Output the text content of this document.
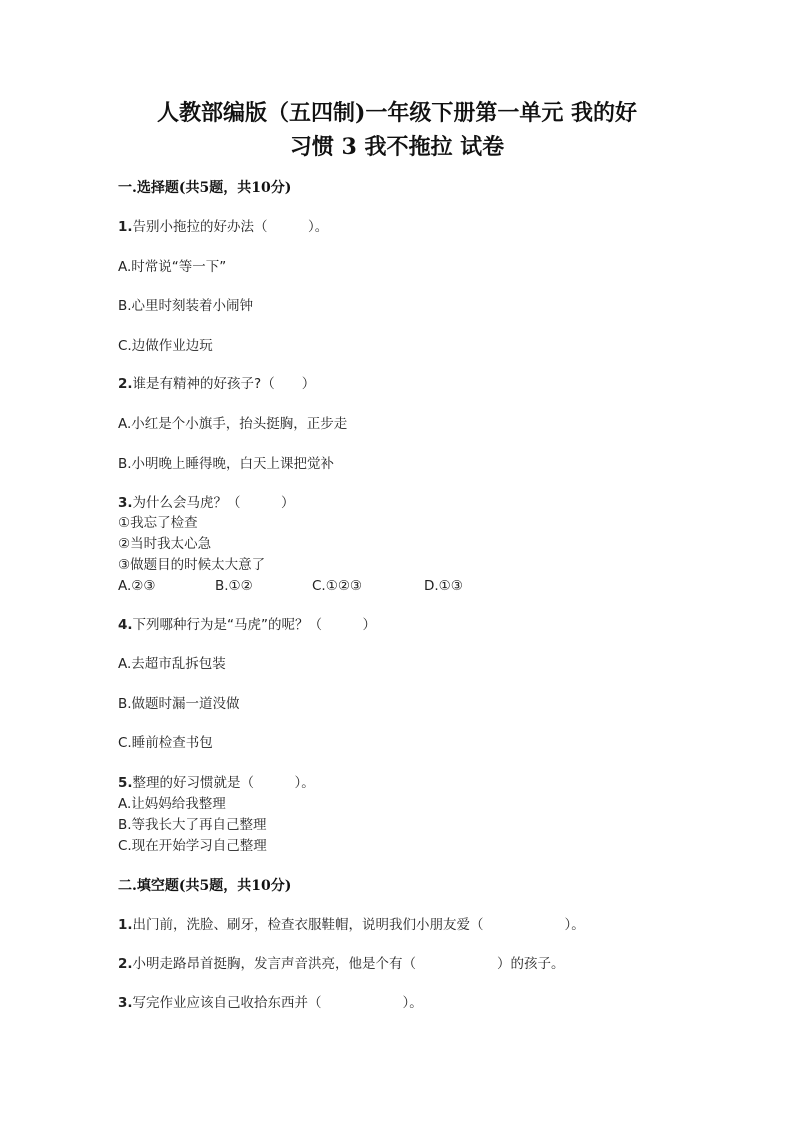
人教部编版（五四制)一年级下册第一单元 我的好
习惯 3 我不拖拉 试卷
一.选择题(共5题，共10分)
1.告别小拖拉的好办法（　　　）。
A.时常说“等一下”
B.心里时刻装着小闹钟
C.边做作业边玩
2.谁是有精神的好孩子?（　　）
A.小红是个小旗手，抬头挺胸，正步走
B.小明晚上睡得晚，白天上课把觉补
3.为什么会马虎？（　　　）
①我忘了检查
②当时我太心急
③做题目的时候太大意了
A.②③	B.①②	C.①②③	D.①③
4.下列哪种行为是“马虎”的呢？（　　　）
A.去超市乱拆包装
B.做题时漏一道没做
C.睡前检查书包
5.整理的好习惯就是（　　　）。
A.让妈妈给我整理
B.等我长大了再自己整理
C.现在开始学习自己整理
二.填空题(共5题，共10分)
1.出门前，洗脸、刷牙，检查衣服鞋帽，说明我们小朋友爱（　　　　　　）。
2.小明走路昂首挺胸，发言声音洪亮，他是个有（　　　　　　）的孩子。
3.写完作业应该自己收拾东西并（　　　　　　）。
